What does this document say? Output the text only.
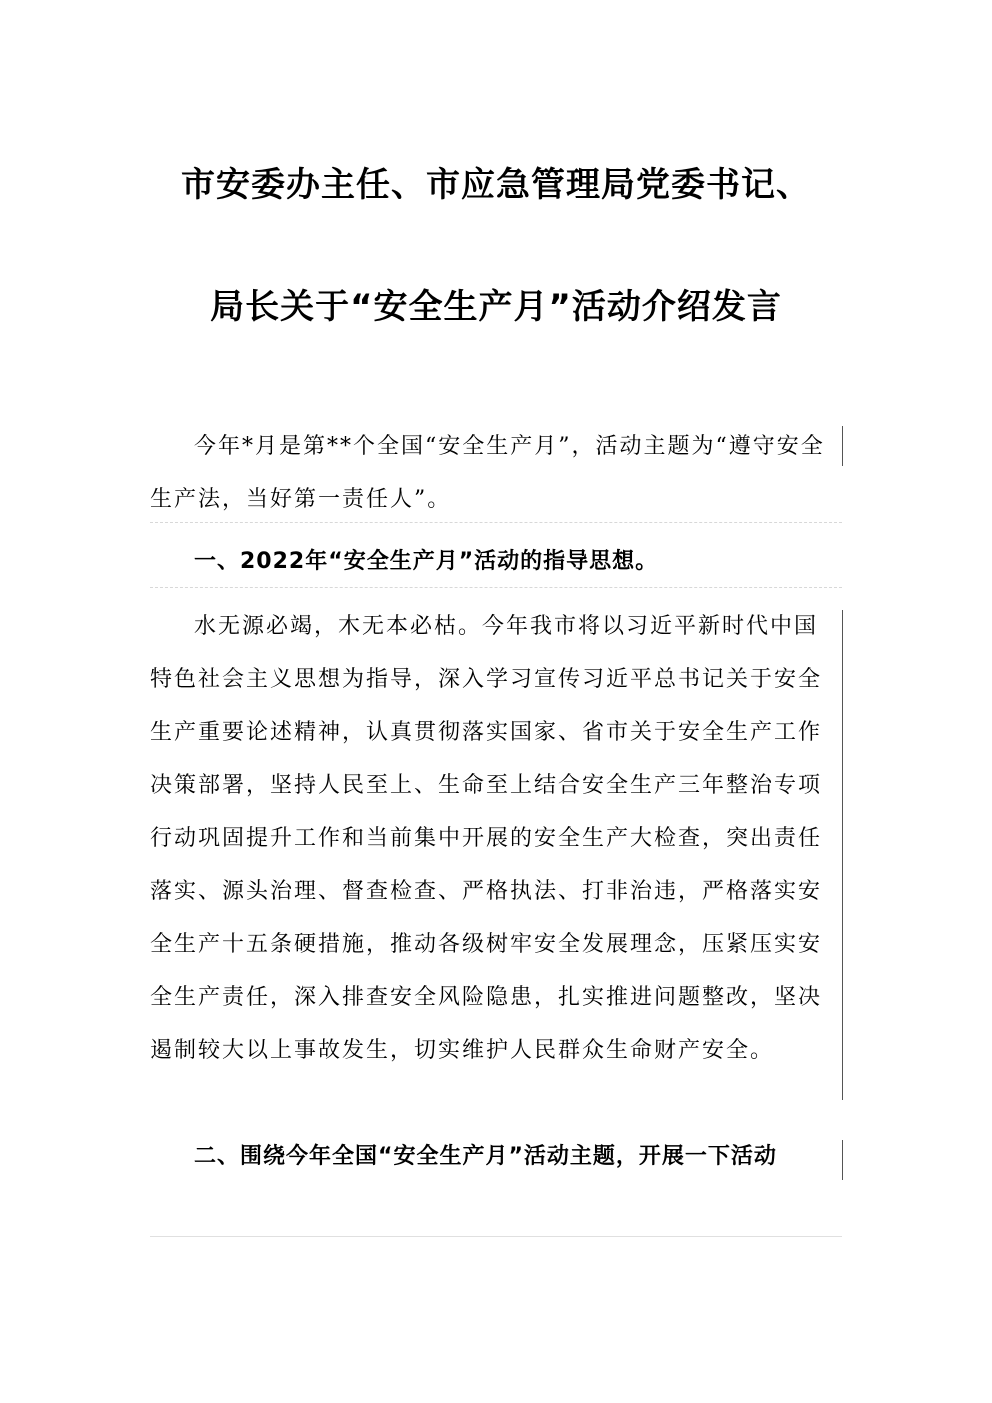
市安委办主任、市应急管理局党委书记、
局长关于“安全生产月”活动介绍发言

今年*月是第**个全国“安全生产月”，活动主题为“遵守安全生产法，当好第一责任人”。

一、2022年“安全生产月”活动的指导思想。

水无源必竭，木无本必枯。今年我市将以习近平新时代中国特色社会主义思想为指导，深入学习宣传习近平总书记关于安全生产重要论述精神，认真贯彻落实国家、省市关于安全生产工作决策部署，坚持人民至上、生命至上结合安全生产三年整治专项行动巩固提升工作和当前集中开展的安全生产大检查，突出责任落实、源头治理、督查检查、严格执法、打非治违，严格落实安全生产十五条硬措施，推动各级树牢安全发展理念，压紧压实安全生产责任，深入排查安全风险隐患，扎实推进问题整改，坚决遏制较大以上事故发生，切实维护人民群众生命财产安全。

二、围绕今年全国“安全生产月”活动主题，开展一下活动
